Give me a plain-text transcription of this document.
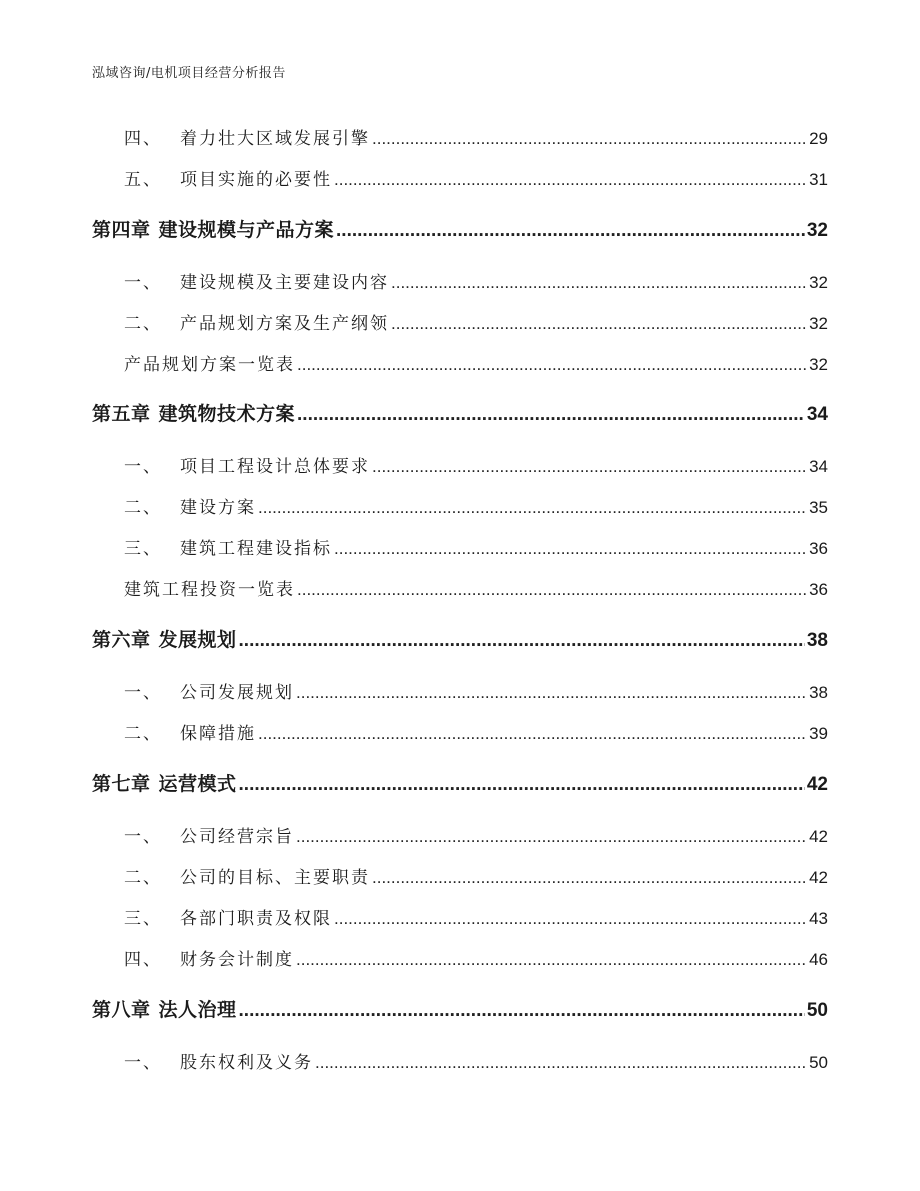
泓域咨询/电机项目经营分析报告
四、 着力壮大区域发展引擎 .....	29
五、 项目实施的必要性 .....	31
第四章 建设规模与产品方案 .....	32
一、 建设规模及主要建设内容 .....	32
二、 产品规划方案及生产纲领 .....	32
产品规划方案一览表 .....	32
第五章 建筑物技术方案 .....	34
一、 项目工程设计总体要求 .....	34
二、 建设方案 .....	35
三、 建筑工程建设指标 .....	36
建筑工程投资一览表 .....	36
第六章 发展规划 .....	38
一、 公司发展规划 .....	38
二、 保障措施 .....	39
第七章 运营模式 .....	42
一、 公司经营宗旨 .....	42
二、 公司的目标、主要职责 .....	42
三、 各部门职责及权限 .....	43
四、 财务会计制度 .....	46
第八章 法人治理 .....	50
一、 股东权利及义务 .....	50
